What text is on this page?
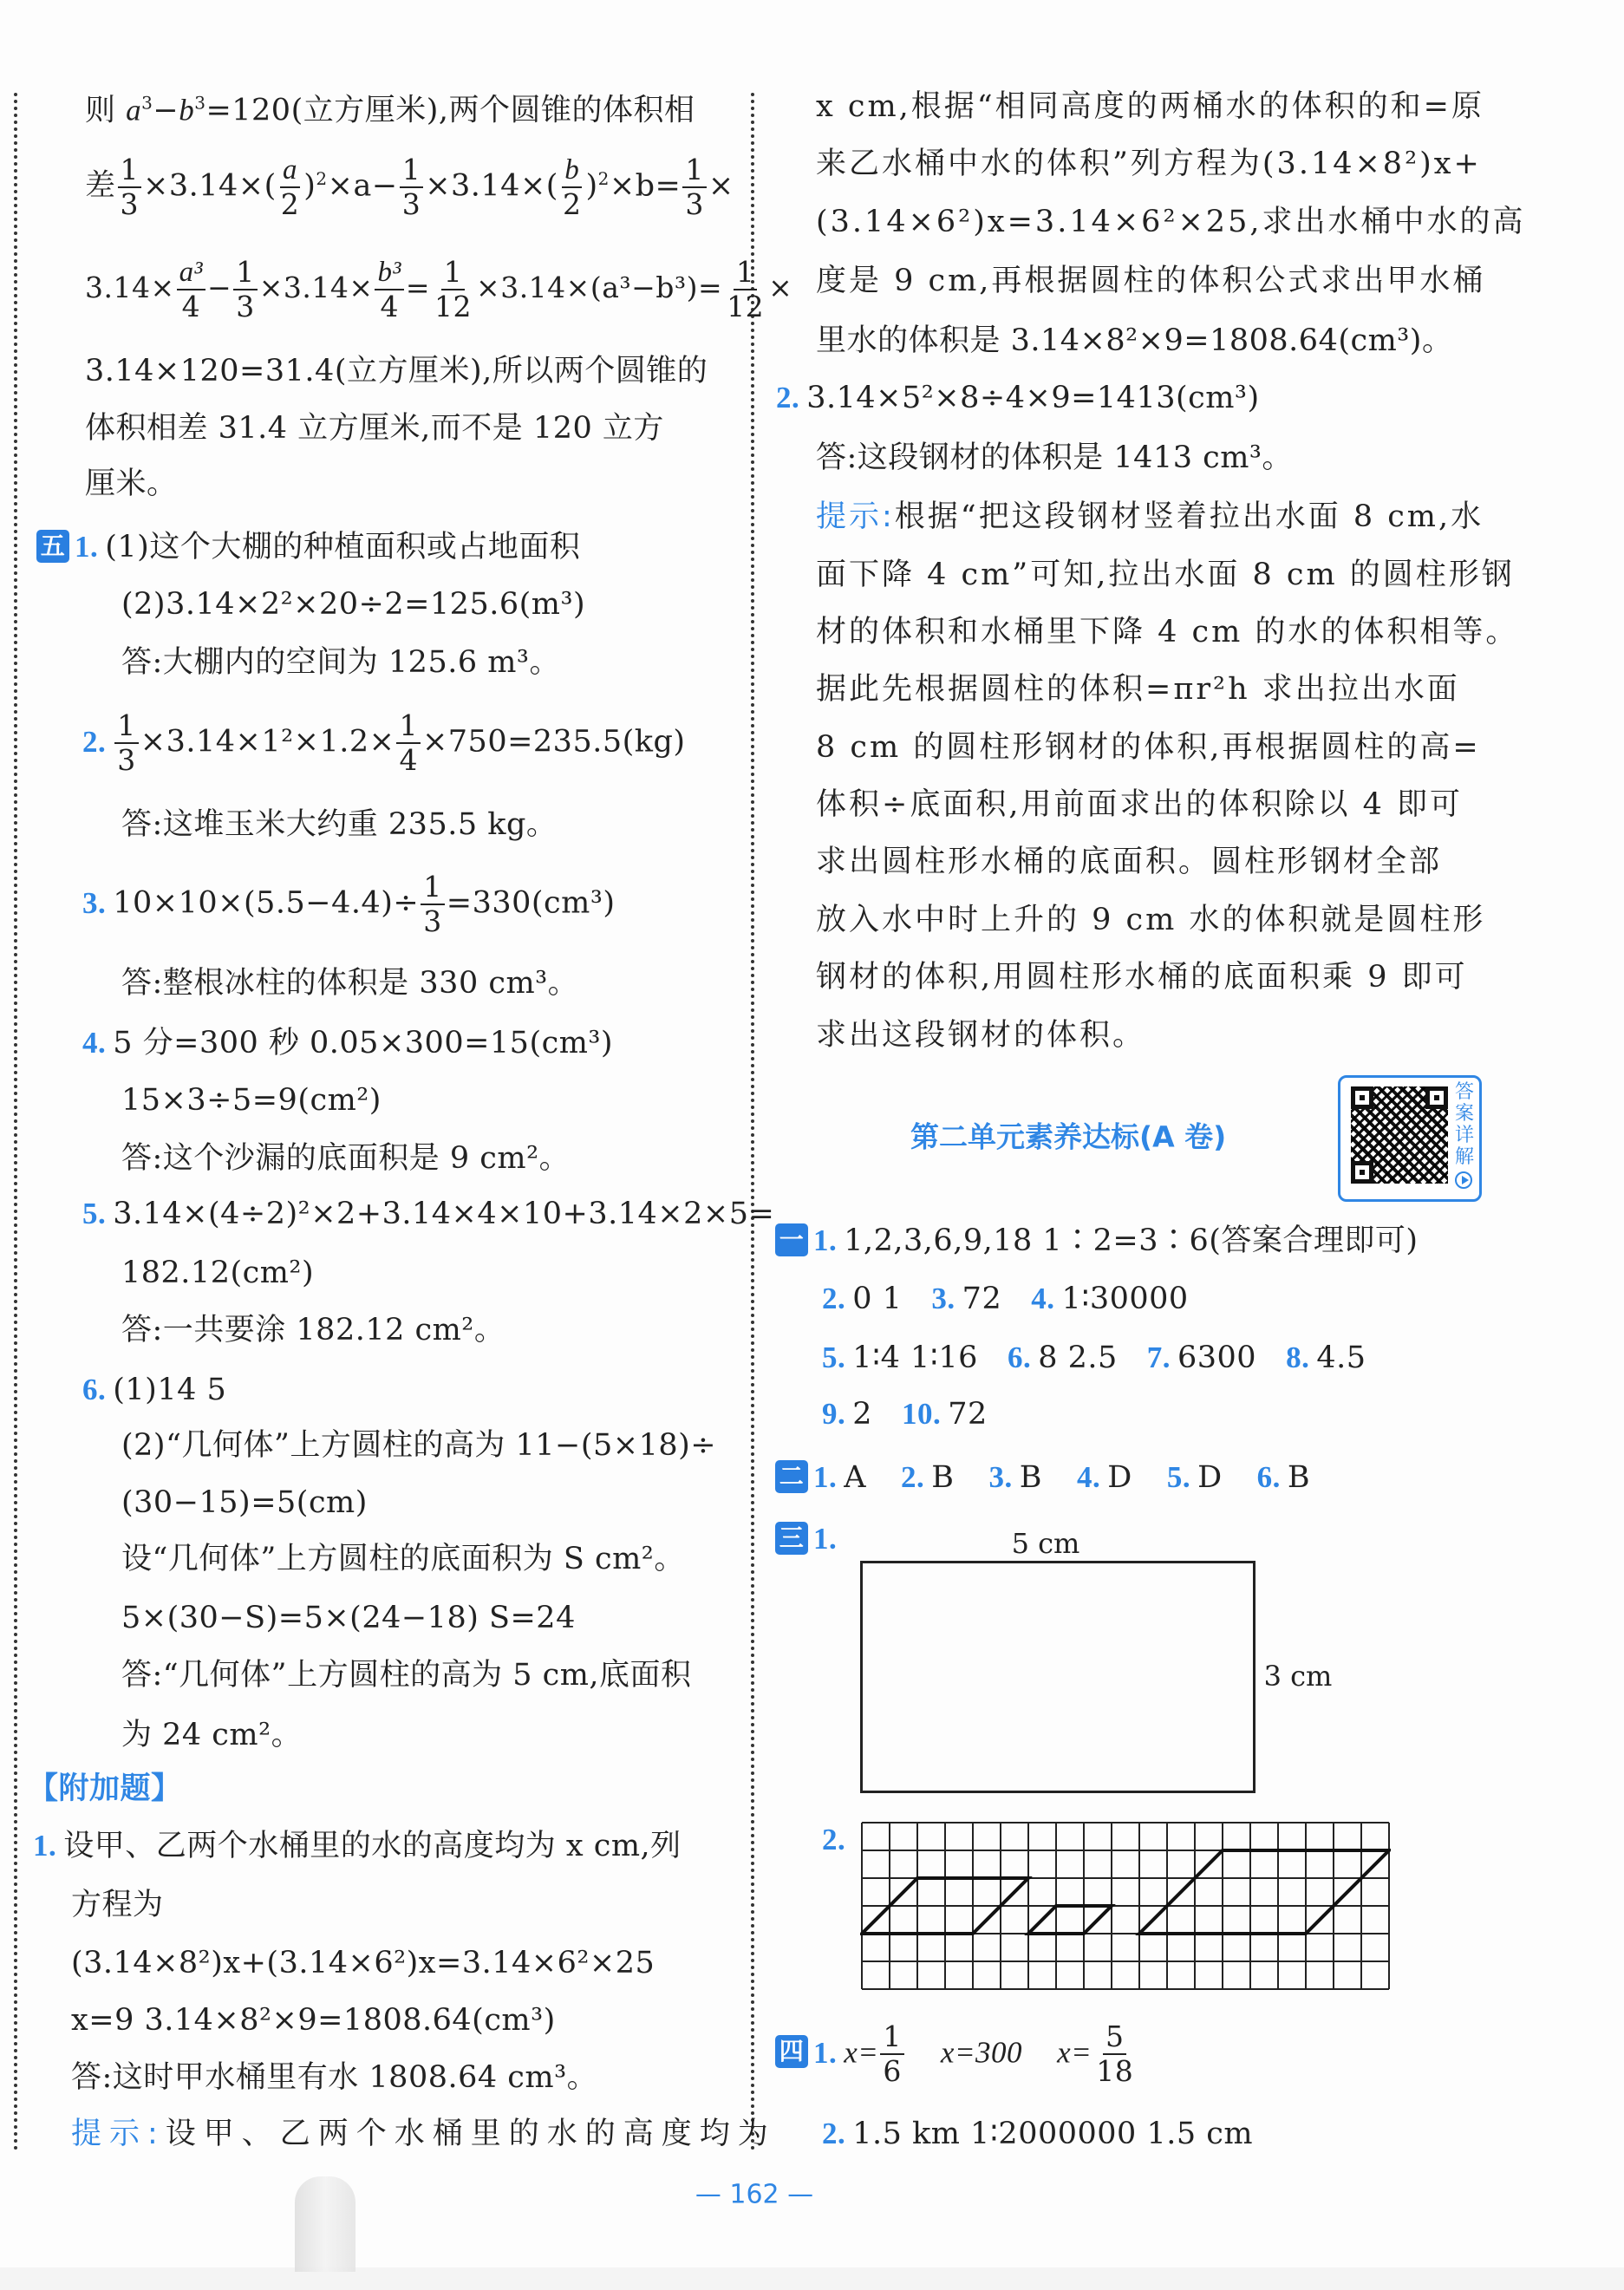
则 $a^3-b^3=120$(立方厘米),两个圆锥的体积相
差 $\frac{1}{3} \times 3.14\times( \frac{a}{2} )^2\times a- \frac{1}{3} \times 3.14\times( \frac{b}{2} )^2\times b= \frac{1}{3}$ ×
$3.14\times \frac{\text{a³}}{4} - \frac{1}{3} \times 3.14\times \frac{\text{b³}}{4} = \frac{1}{12} \times 3.14\times(a^3-b^3)= \frac{1}{12}$ ×
3.14×120=31.4(立方厘米),所以两个圆锥的
体积相差 31.4 立方厘米,而不是 120 立方
厘米。
五 1. (1)这个大棚的种植面积或占地面积
(2)3.14×2²×20÷2=125.6(m³)
答:大棚内的空间为 125.6 m³。
2. $\frac{1}{3} \times 3.14\times 1^2\times 1.2\times \frac{1}{4} \times 750=235.5(kg)$
答:这堆玉米大约重 235.5 kg。
3. $10\times 10\times(5.5-4.4)\div \frac{1}{3} =330(cm^3)$
答:整根冰柱的体积是 330 cm³。
4. 5 分=300 秒 0.05×300=15(cm³)
15×3÷5=9(cm²)
答:这个沙漏的底面积是 9 cm²。
5. 3.14×(4÷2)²×2+3.14×4×10+3.14×2×5=
182.12(cm²)
答:一共要涂 182.12 cm²。
6. (1)14 5
(2)“几何体”上方圆柱的高为 11−(5×18)÷
(30−15)=5(cm)
设“几何体”上方圆柱的底面积为 S cm²。
5×(30−S)=5×(24−18) S=24
答:“几何体”上方圆柱的高为 5 cm,底面积
为 24 cm²。
【附加题】
1. 设甲、乙两个水桶里的水的高度均为 x cm,列
方程为
(3.14×8²)x+(3.14×6²)x=3.14×6²×25
x=9 3.14×8²×9=1808.64(cm³)
答:这时甲水桶里有水 1808.64 cm³。
提示:设甲、乙两个水桶里的水的高度均为
x cm,根据“相同高度的两桶水的体积的和=原
来乙水桶中水的体积”列方程为(3.14×8²)x+
(3.14×6²)x=3.14×6²×25,求出水桶中水的高
度是 9 cm,再根据圆柱的体积公式求出甲水桶
里水的体积是 3.14×8²×9=1808.64(cm³)。
2. 3.14×5²×8÷4×9=1413(cm³)
答:这段钢材的体积是 1413 cm³。
提示:根据“把这段钢材竖着拉出水面 8 cm,水
面下降 4 cm”可知,拉出水面 8 cm 的圆柱形钢
材的体积和水桶里下降 4 cm 的水的体积相等。
据此先根据圆柱的体积=πr²h 求出拉出水面
8 cm 的圆柱形钢材的体积,再根据圆柱的高=
体积÷底面积,用前面求出的体积除以 4 即可
求出圆柱形水桶的底面积。圆柱形钢材全部
放入水中时上升的 9 cm 水的体积就是圆柱形
钢材的体积,用圆柱形水桶的底面积乘 9 即可
求出这段钢材的体积。
第二单元素养达标(A 卷)
答案详解
一 1. 1,2,3,6,9,18 1∶2=3∶6(答案合理即可)
2. 0 1 3. 72 4. 1∶30000
5. 1∶4 1∶16 6. 8 2.5 7. 6300 8. 4.5
9. 2 10. 72
二 1. A 2. B 3. B 4. D 5. D 6. B
三 1.	5 cm
3 cm
2.
四 1. $x= \frac{1}{6} x=300$ $x= \frac{5}{18}$
2. 1.5 km 1∶2000000 1.5 cm
— 162 —
